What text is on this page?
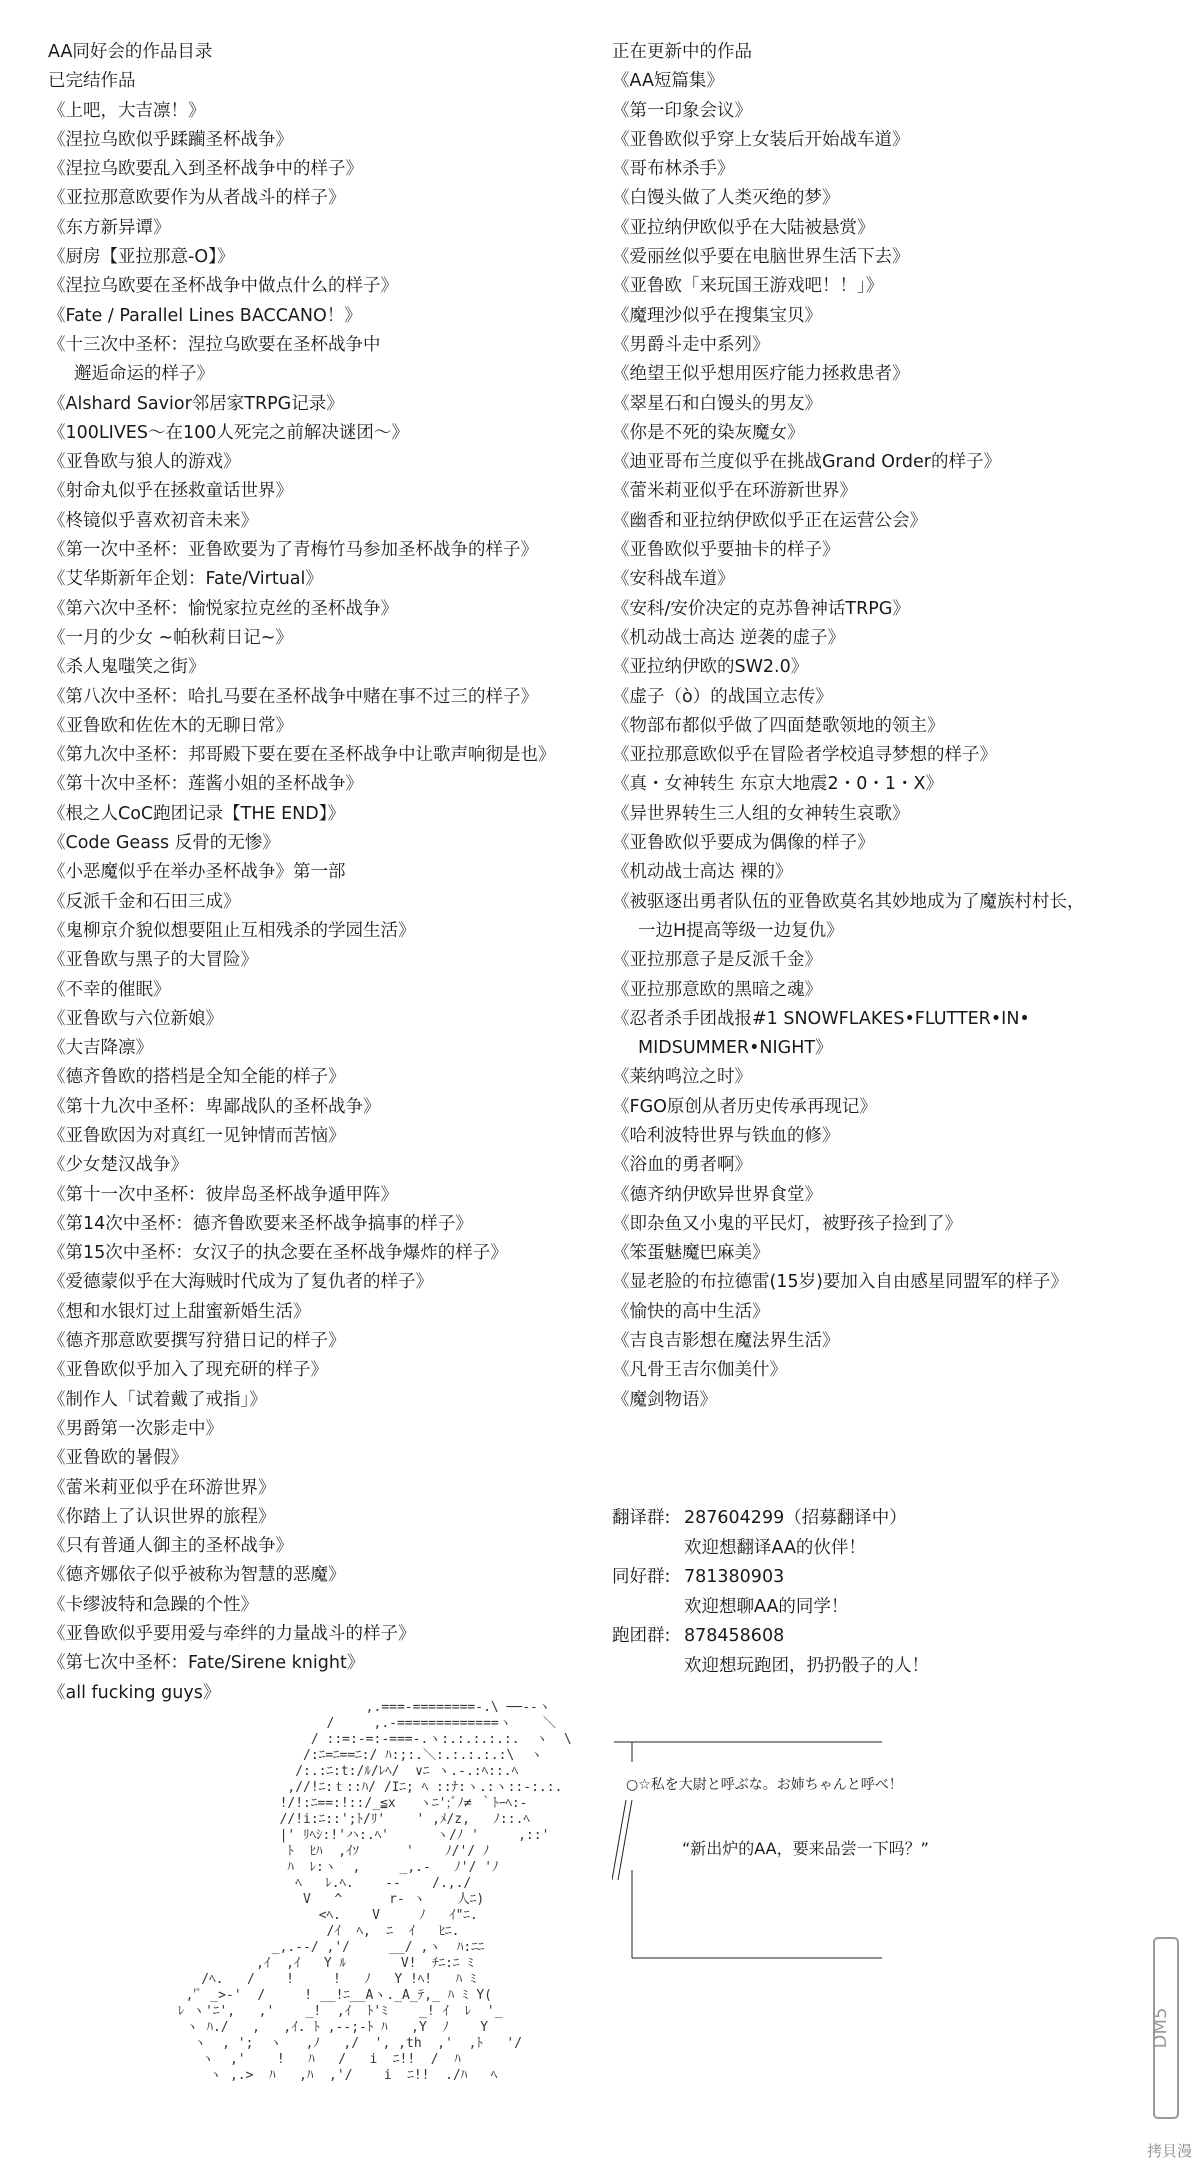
AA同好会的作品目录
已完结作品
《上吧，大吉凛！》
《涅拉乌欧似乎蹂躏圣杯战争》
《涅拉乌欧要乱入到圣杯战争中的样子》
《亚拉那意欧要作为从者战斗的样子》
《东方新异谭》
《厨房【亚拉那意-O】》
《涅拉乌欧要在圣杯战争中做点什么的样子》
《Fate / Parallel Lines BACCANO！》
《十三次中圣杯：涅拉乌欧要在圣杯战争中
邂逅命运的样子》
《Alshard Savior邻居家TRPG记录》
《100LIVES～在100人死完之前解决谜团～》
《亚鲁欧与狼人的游戏》
《射命丸似乎在拯救童话世界》
《柊镜似乎喜欢初音未来》
《第一次中圣杯：亚鲁欧要为了青梅竹马参加圣杯战争的样子》
《艾华斯新年企划：Fate/Virtual》
《第六次中圣杯：愉悦家拉克丝的圣杯战争》
《一月的少女 ~帕秋莉日记~》
《杀人鬼嗤笑之街》
《第八次中圣杯：哈扎马要在圣杯战争中赌在事不过三的样子》
《亚鲁欧和佐佐木的无聊日常》
《第九次中圣杯：邦哥殿下要在要在圣杯战争中让歌声响彻是也》
《第十次中圣杯：莲酱小姐的圣杯战争》
《根之人CoC跑团记录【THE END】》
《Code Geass 反骨的无惨》
《小恶魔似乎在举办圣杯战争》第一部
《反派千金和石田三成》
《鬼柳京介貌似想要阻止互相残杀的学园生活》
《亚鲁欧与黑子的大冒险》
《不幸的催眠》
《亚鲁欧与六位新娘》
《大吉降凛》
《德齐鲁欧的搭档是全知全能的样子》
《第十九次中圣杯：卑鄙战队的圣杯战争》
《亚鲁欧因为对真红一见钟情而苦恼》
《少女楚汉战争》
《第十一次中圣杯：彼岸岛圣杯战争遁甲阵》
《第14次中圣杯：德齐鲁欧要来圣杯战争搞事的样子》
《第15次中圣杯：女汉子的执念要在圣杯战争爆炸的样子》
《爱德蒙似乎在大海贼时代成为了复仇者的样子》
《想和水银灯过上甜蜜新婚生活》
《德齐那意欧要撰写狩猎日记的样子》
《亚鲁欧似乎加入了现充研的样子》
《制作人「试着戴了戒指」》
《男爵第一次影走中》
《亚鲁欧的暑假》
《蕾米莉亚似乎在环游世界》
《你踏上了认识世界的旅程》
《只有普通人御主的圣杯战争》
《德齐娜依子似乎被称为智慧的恶魔》
《卡缪波特和急躁的个性》
《亚鲁欧似乎要用爱与牵绊的力量战斗的样子》
《第七次中圣杯：Fate/Sirene knight》
《all fucking guys》
正在更新中的作品
《AA短篇集》
《第一印象会议》
《亚鲁欧似乎穿上女装后开始战车道》
《哥布林杀手》
《白馒头做了人类灭绝的梦》
《亚拉纳伊欧似乎在大陆被悬赏》
《爱丽丝似乎要在电脑世界生活下去》
《亚鲁欧「来玩国王游戏吧！！」》
《魔理沙似乎在搜集宝贝》
《男爵斗走中系列》
《绝望王似乎想用医疗能力拯救患者》
《翠星石和白馒头的男友》
《你是不死的染灰魔女》
《迪亚哥布兰度似乎在挑战Grand Order的样子》
《蕾米莉亚似乎在环游新世界》
《幽香和亚拉纳伊欧似乎正在运营公会》
《亚鲁欧似乎要抽卡的样子》
《安科战车道》
《安科/安价决定的克苏鲁神话TRPG》
《机动战士高达 逆袭的虚子》
《亚拉纳伊欧的SW2.0》
《虚子（ò）的战国立志传》
《物部布都似乎做了四面楚歌领地的领主》
《亚拉那意欧似乎在冒险者学校追寻梦想的样子》
《真・女神转生 东京大地震2・0・1・X》
《异世界转生三人组的女神转生哀歌》
《亚鲁欧似乎要成为偶像的样子》
《机动战士高达 裸的》
《被驱逐出勇者队伍的亚鲁欧莫名其妙地成为了魔族村村长，
一边H提高等级一边复仇》
《亚拉那意子是反派千金》
《亚拉那意欧的黑暗之魂》
《忍者杀手团战报#1 SNOWFLAKES•FLUTTER•IN•
MIDSUMMER•NIGHT》
《莱纳鸣泣之时》
《FGO原创从者历史传承再现记》
《哈利波特世界与铁血的修》
《浴血的勇者啊》
《德齐纳伊欧异世界食堂》
《即杂鱼又小鬼的平民灯，被野孩子捡到了》
《笨蛋魅魔巴麻美》
《显老脸的布拉德雷(15岁)要加入自由感星同盟军的样子》
《愉快的高中生活》
《吉良吉影想在魔法界生活》
《凡骨王吉尔伽美什》
《魔剑物语》
翻译群: 287604299（招募翻译中）
欢迎想翻译AA的伙伴！
同好群: 781380903
欢迎想聊AA的同学！
跑团群: 878458608
欢迎想玩跑团，扔扔骰子的人！
,.===-========-.\ ──--ヽ
/     ,.-=============ヽ    ＼
/ ::=:-=:-===-.ヽ:.:.:.:.:.  ヽ  \
/:ﾆ=ﾆ==ﾆ:/ ﾊ:;:.＼:.:.:.:.:\  ヽ
/:.:ﾆ:t:/ﾙ/ﾚﾍ/  ∨ﾆ ヽ.-.:ﾍ::.ﾍ
,//!ﾆ:ｔ::ﾊ/ /Ιﾆ; ﾍ ::ﾅ:ヽ.:ヽ::-:.:.
!/!:ﾆ==:!::/_≦x   ヽﾆ';ﾞﾉ≠ ｀ﾄｰﾍ:-
//!i:ﾆ::';ﾄ/ﾘ'    ' ,ﾒ/z,   ﾉ::.ﾍ
|' ﾘﾍｼ:!'ハ:.ﾍ'      ヽ/ﾉ '     ,::'
ﾄ  ﾋﾊ  ,ｲｿ      '    ﾉ/'/ ﾉ
ﾊ  ﾚ:ヽ  ,     _,.-   ﾉ'/ 'ﾉ
ﾍ   ﾚ.ﾍ.    ‐-    /.,./
V   ^      r‐ ヽ    人ﾆ)
<ﾍ.    V     ﾉ   ｲ"ﾆ.
/ｲ  ﾍ,  ﾆ  ｲ   ﾋﾆ.
_,.-‐/ ,'/     __/ ,ヽ  ﾊ:ﾆﾆ
,ｲ  ,ｲ   Y ﾙ       V!  ﾁﾆ:ﾆ ﾐ
/ﾍ.   /    !     !   ﾉ   Y !ﾍ!   ﾊ ﾐ
,'ﾟ _>-'  /     ! __!ﾆ__Aヽ._A_ﾃ,_ ﾊ ﾐ Y(
ﾚ ヽ'ﾆ',   ,'    _!  ,ｲ  ﾄ'ﾐ    _! ｲ  ﾚ  '_
ヽ ﾊ./   ,   ,ｲ. ﾄ ,-‐;-ﾄ ﾊ   ,Y  ﾉ    Y
ヽ  , ';  ヽ   ,ﾉ   ,/  ', ,th  ,'  ,ﾄ   '/
ヽ  ,'    !   ﾊ   /   i  ﾆ!!  /  ﾊ
ヽ ,.>  ﾊ   ,ﾊ  ,'/    i  ﾆ!!  ./ﾊ   ﾍ
○☆私を大尉と呼ぶな。お姉ちゃんと呼べ！
“新出炉的AA，要来品尝一下吗？”
DM5
拷貝漫
